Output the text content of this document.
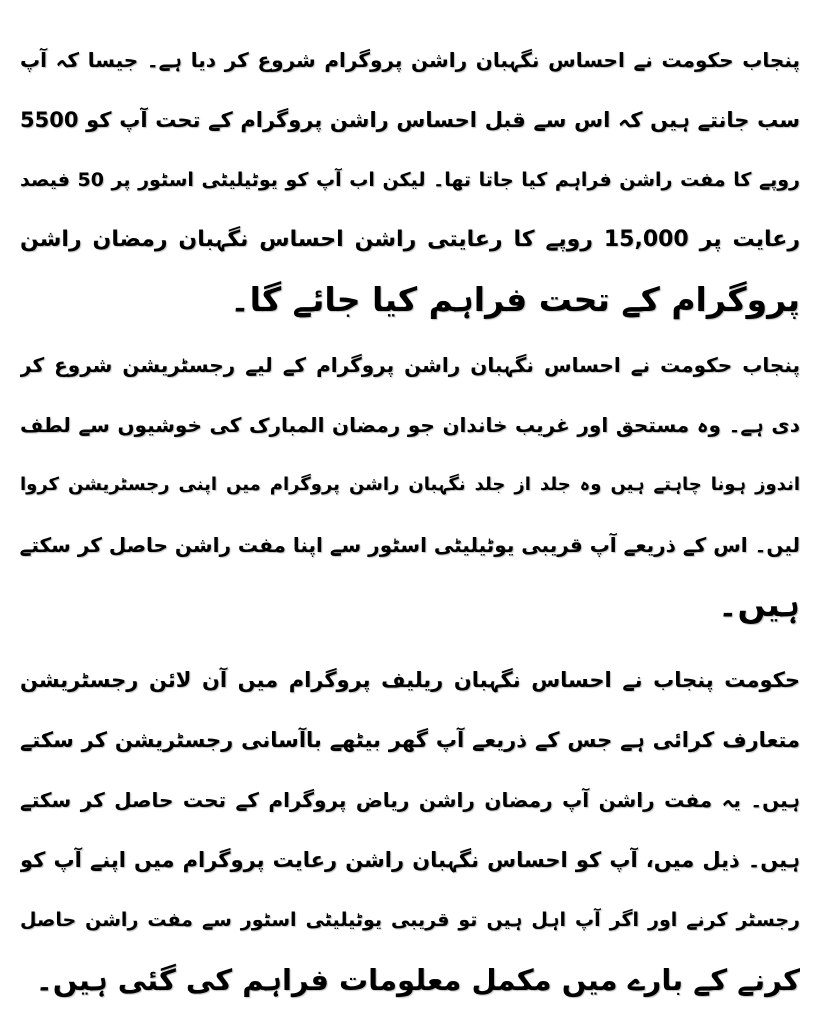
پنجاب حکومت نے احساس نگہبان راشن پروگرام شروع کر دیا ہے۔ جیسا کہ آپ
سب جانتے ہیں کہ اس سے قبل احساس راشن پروگرام کے تحت آپ کو 5500
روپے کا مفت راشن فراہم کیا جاتا تھا۔ لیکن اب آپ کو یوٹیلیٹی اسٹور پر 50 فیصد
رعایت پر 15,000 روپے کا رعایتی راشن احساس نگہبان رمضان راشن
پروگرام کے تحت فراہم کیا جائے گا۔
پنجاب حکومت نے احساس نگہبان راشن پروگرام کے لیے رجسٹریشن شروع کر
دی ہے۔ وہ مستحق اور غریب خاندان جو رمضان المبارک کی خوشیوں سے لطف
اندوز ہونا چاہتے ہیں وہ جلد از جلد نگہبان راشن پروگرام میں اپنی رجسٹریشن کروا
لیں۔ اس کے ذریعے آپ قریبی یوٹیلیٹی اسٹور سے اپنا مفت راشن حاصل کر سکتے
ہیں۔
حکومت پنجاب نے احساس نگہبان ریلیف پروگرام میں آن لائن رجسٹریشن
متعارف کرائی ہے جس کے ذریعے آپ گھر بیٹھے باآسانی رجسٹریشن کر سکتے
ہیں۔ یہ مفت راشن آپ رمضان راشن ریاض پروگرام کے تحت حاصل کر سکتے
ہیں۔ ذیل میں، آپ کو احساس نگہبان راشن رعایت پروگرام میں اپنے آپ کو
رجسٹر کرنے اور اگر آپ اہل ہیں تو قریبی یوٹیلیٹی اسٹور سے مفت راشن حاصل
کرنے کے بارے میں مکمل معلومات فراہم کی گئی ہیں۔
